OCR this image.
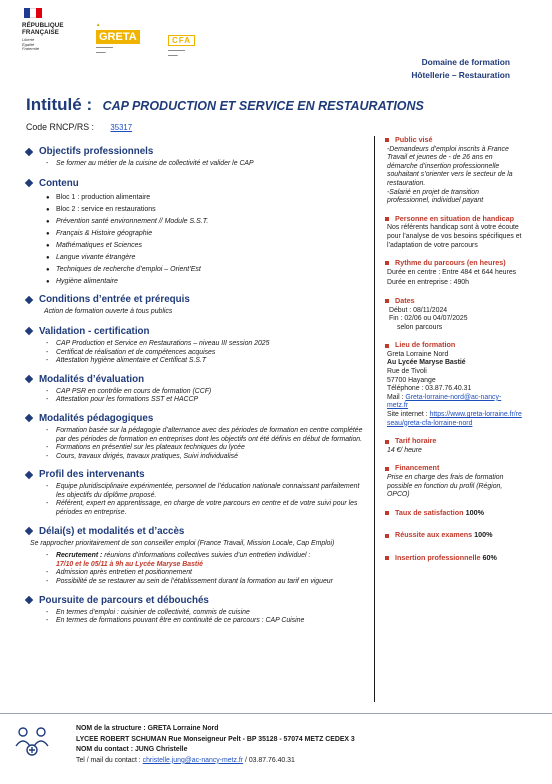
RÉPUBLIQUE
FRANÇAISE
Liberté
Égalité
Fraternité
▲
GRETA
━━━━━━━
━━━━
CFA
━━━━━━━
━━━━
Domaine de formation
Hôtellerie – Restauration
Intitulé : CAP PRODUCTION ET SERVICE EN RESTAURATIONS
Code RNCP/RS : 35317
Objectifs professionnels
- Se former au métier de la cuisine de collectivité et valider le CAP
Contenu
● Bloc 1 : production alimentaire
● Bloc 2 : service en restaurations
● Prévention santé environnement // Module S.S.T.
● Français & Histoire géographie
● Mathématiques et Sciences
● Langue vivante étrangère
● Techniques de recherche d’emploi – Orient’Est
● Hygiène alimentaire
Conditions d’entrée et prérequis
Action de formation ouverte à tous publics
Validation - certification
- CAP Production et Service en Restaurations – niveau III session 2025
- Certificat de réalisation et de compétences acquises
- Attestation hygiène alimentaire et Certificat S.S.T
Modalités d’évaluation
- CAP PSR en contrôle en cours de formation (CCF)
- Attestation pour les formations SST et HACCP
Modalités pédagogiques
- Formation basée sur la pédagogie d’alternance avec des périodes de formation en centre complétée par des périodes de formation en entreprises dont les objectifs ont été définis en début de formation.
- Formations en présentiel sur les plateaux techniques du lycée
- Cours, travaux dirigés, travaux pratiques, Suivi individualisé
Profil des intervenants
- Equipe pluridisciplinaire expérimentée, personnel de l’éducation nationale connaissant parfaitement les objectifs du diplôme proposé.
- Référent, expert en apprentissage, en charge de votre parcours en centre et de votre suivi pour les périodes en entreprise.
Délai(s) et modalités et d’accès
Se rapprocher prioritairement de son conseiller emploi (France Travail, Mission Locale, Cap Emploi)
- Recrutement : réunions d’informations collectives suivies d’un entretien individuel :
17/10 et le 05/11 à 9h au Lycée Maryse Bastié
- Admission après entretien et positionnement
- Possibilité de se restaurer au sein de l’établissement durant la formation au tarif en vigueur
Poursuite de parcours et débouchés
- En termes d’emploi : cuisinier de collectivité, commis de cuisine
- En termes de formations pouvant être en continuité de ce parcours : CAP Cuisine
Public visé
-Demandeurs d’emploi inscrits à France Travail et jeunes de - de 26 ans en démarche d’insertion professionnelle souhaitant s’orienter vers le secteur de la restauration.
-Salarié en projet de transition professionnel, individuel payant
Personne en situation de handicap
Nos référents handicap sont à votre écoute pour l’analyse de vos besoins spécifiques et l’adaptation de votre parcours
Rythme du parcours (en heures)
Durée en centre : Entre 484 et 644 heures
Durée en entreprise : 490h
Dates
Début : 08/11/2024
Fin : 02/06 ou 04/07/2025
selon parcours
Lieu de formation
Greta Lorraine Nord
Au Lycée Maryse Bastié
Rue de Tivoli
57700 Hayange
Téléphone : 03.87.76.40.31
Mail : Greta-lorraine-nord@ac-nancy-metz.fr
Site internet : https://www.greta-lorraine.fr/reseau/greta-cfa-lorraine-nord
Tarif horaire
14 €/ heure
Financement
Prise en charge des frais de formation possible en fonction du profil (Région, OPCO)
Taux de satisfaction
100%
Réussite aux examens
100%
Insertion professionnelle
60%
NOM de la structure : GRETA Lorraine Nord
LYCEE ROBERT SCHUMAN Rue Monseigneur Pelt - BP 35128 - 57074 METZ CEDEX 3
NOM du contact : JUNG Christelle
Tel / mail du contact : christelle.jung@ac-nancy-metz.fr / 03.87.76.40.31
